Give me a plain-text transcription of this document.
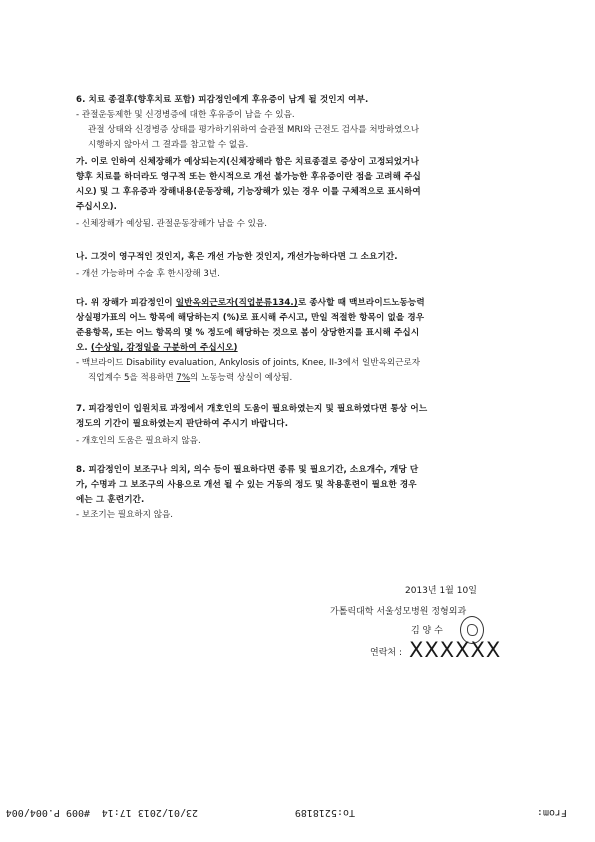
6. 치료 종결후(향후치료 포함) 피감정인에게 후유증이 남게 될 것인지 여부.
- 관절운동제한 및 신경병증에 대한 후유증이 남을 수 있음.
관절 상태와 신경병증 상태를 평가하기위하여 슬관절 MRI와 근전도 검사를 처방하였으나
시행하지 않아서 그 결과를 참고할 수 없음.
가. 이로 인하여 신체장해가 예상되는지(신체장해라 함은 치료종결로 증상이 고정되었거나
향후 치료를 하더라도 영구적 또는 한시적으로 개선 불가능한 후유증이란 점을 고려해 주십
시오) 및 그 후유증과 장해내용(운동장해, 기능장해가 있는 경우 이를 구체적으로 표시하여
주십시오).
- 신체장해가 예상됨. 관절운동장해가 남을 수 있음.
나. 그것이 영구적인 것인지, 혹은 개선 가능한 것인지, 개선가능하다면 그 소요기간.
- 개선 가능하며 수술 후 한시장해 3년.
다. 위 장해가 피감정인이 일반옥외근로자(직업분류134.)로 종사할 때 맥브라이드노동능력
상실평가표의 어느 항목에 해당하는지 (%)로 표시해 주시고, 만일 적절한 항목이 없을 경우
준용항목, 또는 어느 항목의 몇 % 정도에 해당하는 것으로 봄이 상당한지를 표시해 주십시
오. (수상일, 감정일을 구분하여 주십시오)
- 맥브라이드 Disability evaluation, Ankylosis of joints, Knee, II-3에서 일반옥외근로자
직업계수 5을 적용하면 7%의 노동능력 상실이 예상됨.
7. 피감정인이 입원치료 과정에서 개호인의 도움이 필요하였는지 및 필요하였다면 통상 어느
정도의 기간이 필요하였는지 판단하여 주시기 바랍니다.
- 개호인의 도움은 필요하지 않음.
8. 피감정인이 보조구나 의치, 의수 등이 필요하다면 종류 및 필요기간, 소요개수, 개당 단
가, 수명과 그 보조구의 사용으로 개선 될 수 있는 거동의 정도 및 착용훈련이 필요한 경우
에는 그 훈련기간.
- 보조기는 필요하지 않음.
2013년 1월 10일
가톨릭대학 서울성모병원 정형외과
김 양 수
연락처 : XXXXXX
From:
To:5218189
23/01/2013 17:14
#009 P.004/004
